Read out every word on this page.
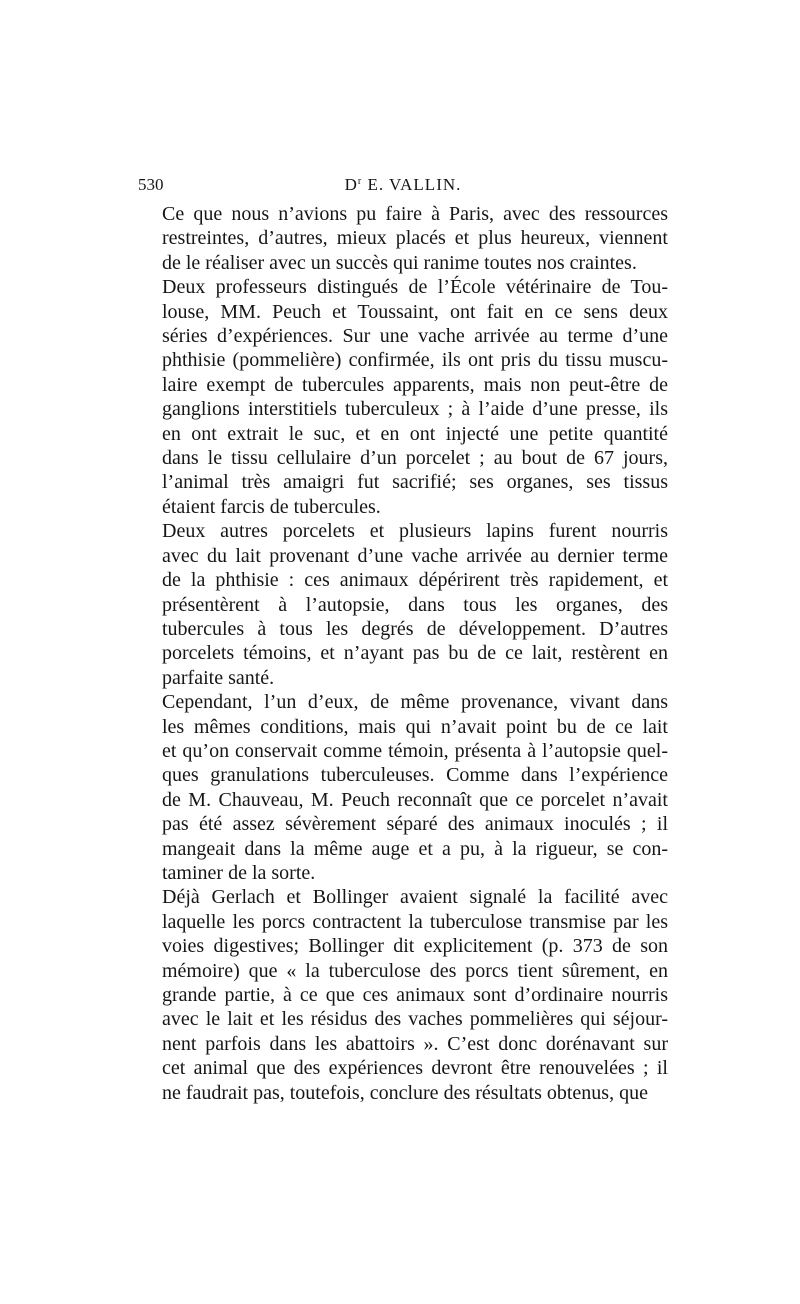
530	$D^r$ E. VALLIN.
Ce que nous n’avions pu faire à Paris, avec des ressources
restreintes, d’autres, mieux placés et plus heureux, viennent
de le réaliser avec un succès qui ranime toutes nos craintes.
Deux professeurs distingués de l’École vétérinaire de Tou-
louse, MM. Peuch et Toussaint, ont fait en ce sens deux
séries d’expériences. Sur une vache arrivée au terme d’une
phthisie (pommelière) confirmée, ils ont pris du tissu muscu-
laire exempt de tubercules apparents, mais non peut-être de
ganglions interstitiels tuberculeux ; à l’aide d’une presse, ils
en ont extrait le suc, et en ont injecté une petite quantité
dans le tissu cellulaire d’un porcelet ; au bout de 67 jours,
l’animal très amaigri fut sacrifié; ses organes, ses tissus
étaient farcis de tubercules.
Deux autres porcelets et plusieurs lapins furent nourris
avec du lait provenant d’une vache arrivée au dernier terme
de la phthisie : ces animaux dépérirent très rapidement, et
présentèrent à l’autopsie, dans tous les organes, des
tubercules à tous les degrés de développement. D’autres
porcelets témoins, et n’ayant pas bu de ce lait, restèrent en
parfaite santé.
Cependant, l’un d’eux, de même provenance, vivant dans
les mêmes conditions, mais qui n’avait point bu de ce lait
et qu’on conservait comme témoin, présenta à l’autopsie quel-
ques granulations tuberculeuses. Comme dans l’expérience
de M. Chauveau, M. Peuch reconnaît que ce porcelet n’avait
pas été assez sévèrement séparé des animaux inoculés ; il
mangeait dans la même auge et a pu, à la rigueur, se con-
taminer de la sorte.
Déjà Gerlach et Bollinger avaient signalé la facilité avec
laquelle les porcs contractent la tuberculose transmise par les
voies digestives; Bollinger dit explicitement (p. 373 de son
mémoire) que « la tuberculose des porcs tient sûrement, en
grande partie, à ce que ces animaux sont d’ordinaire nourris
avec le lait et les résidus des vaches pommelières qui séjour-
nent parfois dans les abattoirs ». C’est donc dorénavant sur
cet animal que des expériences devront être renouvelées ; il
ne faudrait pas, toutefois, conclure des résultats obtenus, que
